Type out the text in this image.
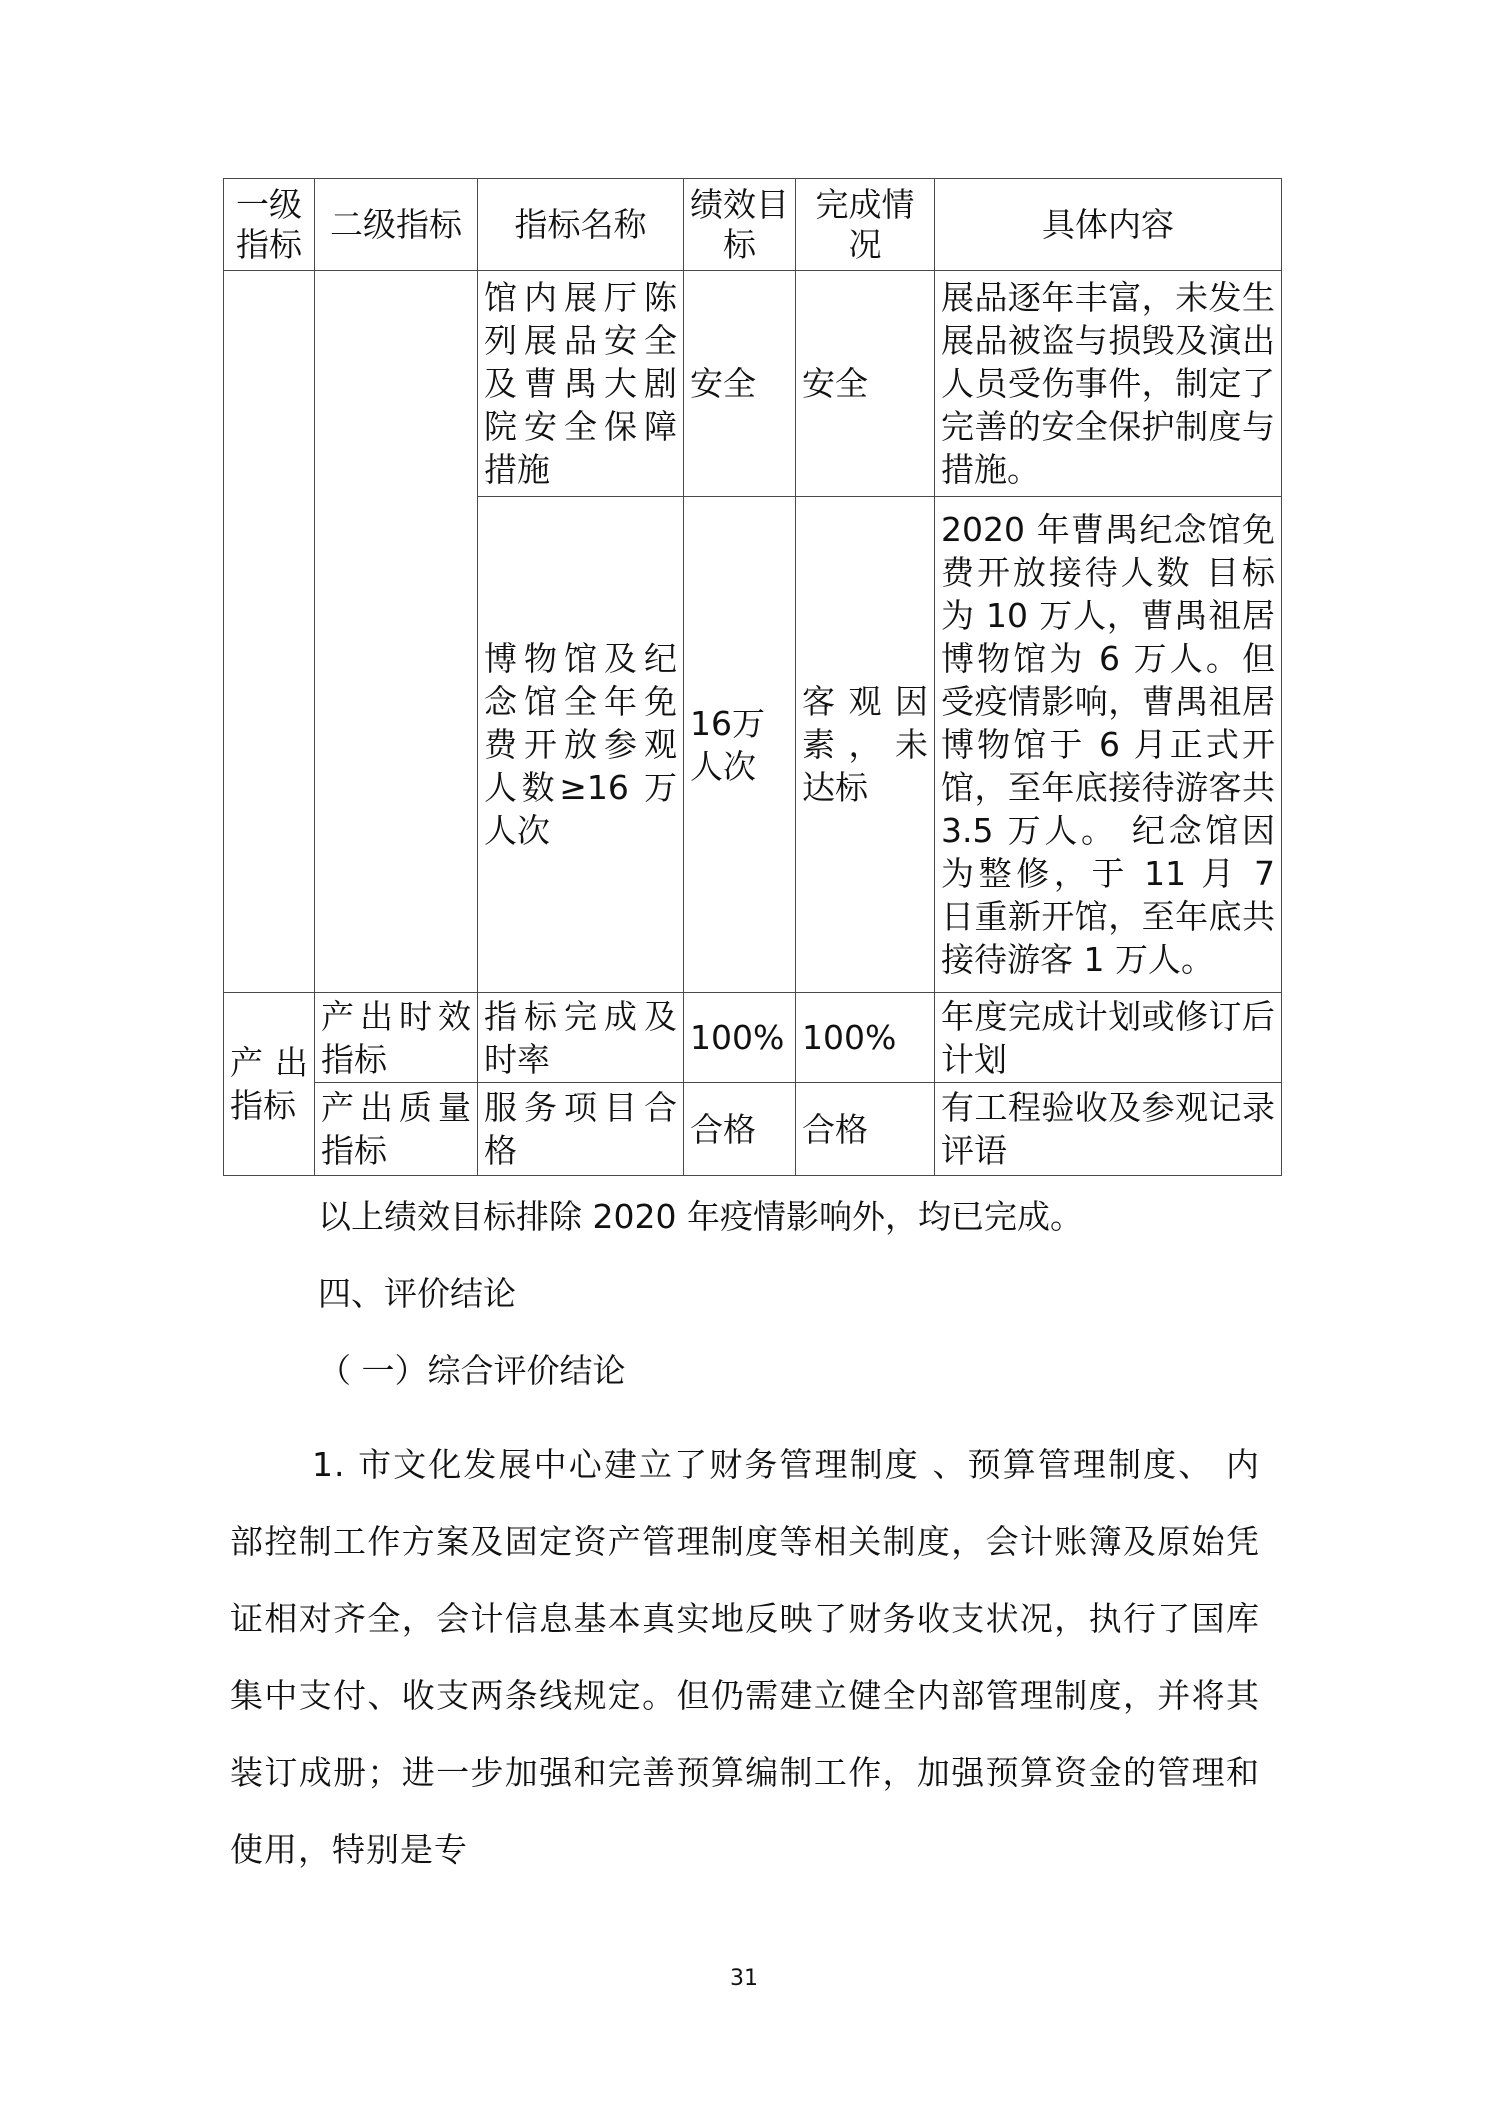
一级指标	二级指标	指标名称	绩效目标	完成情况	具体内容
		馆内展厅陈列展品安全及曹禺大剧院安全保障措施	安全	安全	展品逐年丰富，未发生展品被盗与损毁及演出人员受伤事件，制定了完善的安全保护制度与措施。
		博物馆及纪念馆全年免费开放参观人数≥16 万人次	16万人次	客观因素，未达标	2020 年曹禺纪念馆免费开放接待人数 目标为 10 万人，曹禺祖居博物馆为 6 万人。但受疫情影响，曹禺祖居博物馆于 6 月正式开馆，至年底接待游客共 3.5 万人。 纪念馆因为整修，于 11 月 7 日重新开馆，至年底共接待游客 1 万人。
产出指标	产出时效指标	指标完成及时率	100%	100%	年度完成计划或修订后计划
	产出质量指标	服务项目合格	合格	合格	有工程验收及参观记录评语
以上绩效目标排除 2020 年疫情影响外，均已完成。
四、评价结论
（ 一）综合评价结论
1. 市文化发展中心建立了财务管理制度 、预算管理制度、 内部控制工作方案及固定资产管理制度等相关制度，会计账簿及原始凭证相对齐全，会计信息基本真实地反映了财务收支状况，执行了国库集中支付、收支两条线规定。但仍需建立健全内部管理制度，并将其装订成册；进一步加强和完善预算编制工作，加强预算资金的管理和使用，特别是专
31
